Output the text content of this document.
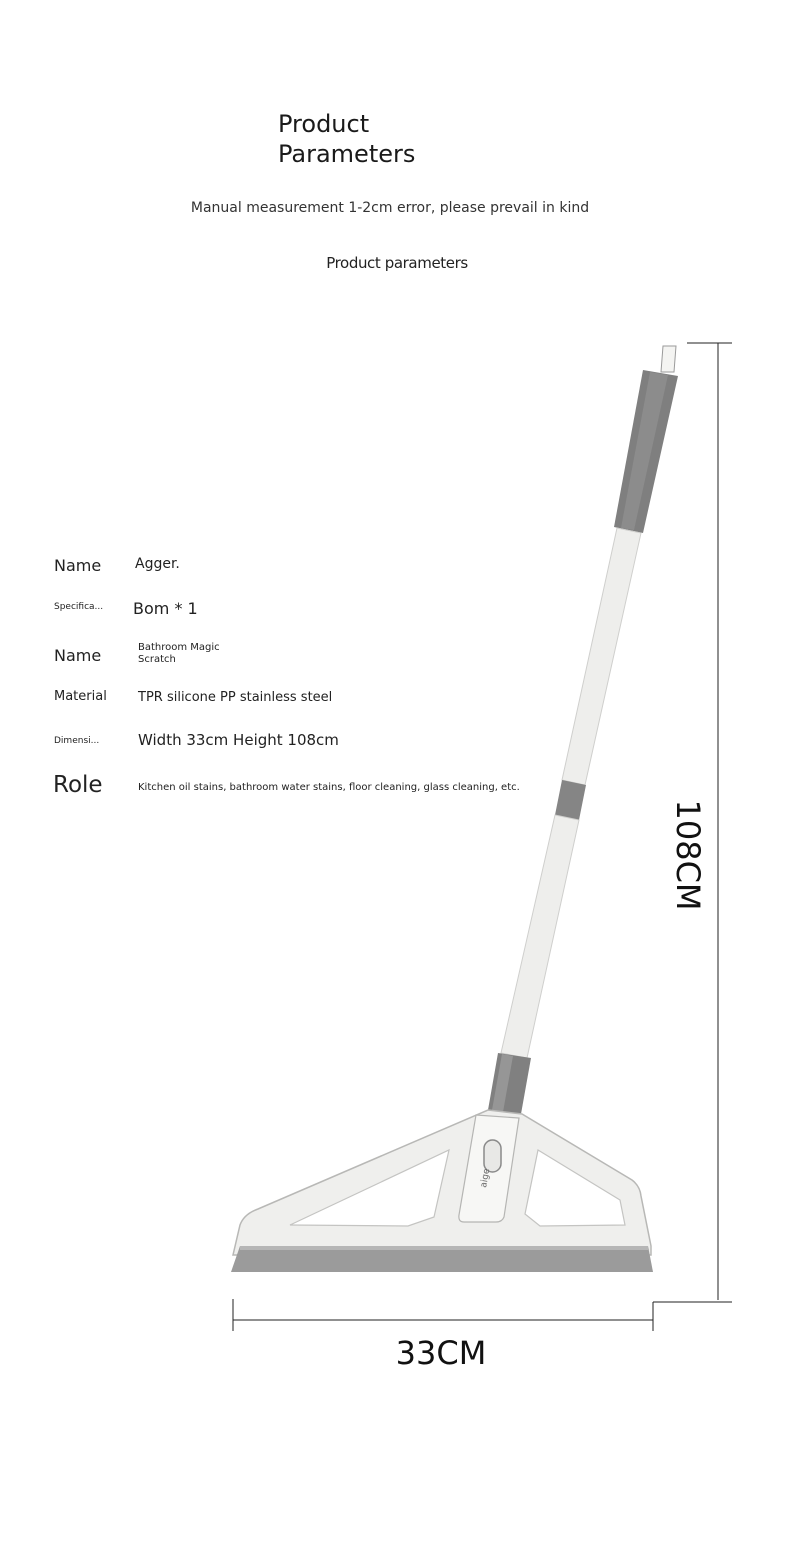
Product
Parameters
Manual measurement 1-2cm error, please prevail in kind
Product parameters
Name Agger.
Specifica... Bom * 1
Name	Bathroom Magic
Scratch
Material TPR silicone PP stainless steel
Dimensi...	Width 33cm Height 108cm
Role	Kitchen oil stains, bathroom water stains, floor cleaning, glass cleaning, etc.
aige
108CM
33CM
